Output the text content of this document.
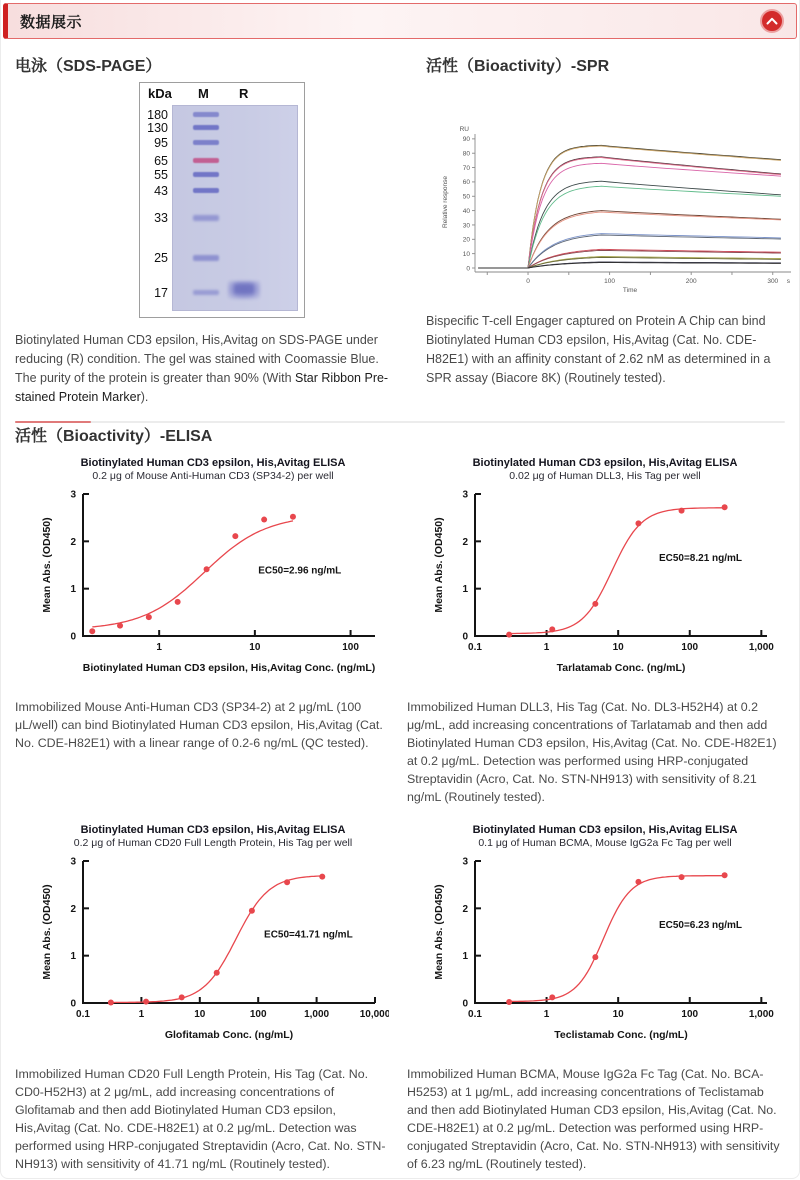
数据展示
电泳（SDS-PAGE）
kDa M R
180
130
95
65
55
43
33
25
17

Biotinylated Human CD3 epsilon, His,Avitag on SDS-PAGE under reducing (R) condition. The gel was stained with Coomassie Blue. The purity of the protein is greater than 90% (With Star Ribbon Pre-stained Protein Marker).

活性（Bioactivity）-SPR
0
10
20
30
40
50
60
70
80
90
0	100	200	300
RU
Relative response
Time
s

Bispecific T-cell Engager captured on Protein A Chip can bind Biotinylated Human CD3 epsilon, His,Avitag (Cat. No. CDE-H82E1) with an affinity constant of 2.62 nM as determined in a SPR assay (Biacore 8K) (Routinely tested).

活性（Bioactivity）-ELISA
Biotinylated Human CD3 epsilon, His,Avitag ELISA
0.2 μg of Mouse Anti-Human CD3 (SP34-2) per well
0
1
2
3
1	10	100
Mean Abs. (OD450)
Biotinylated Human CD3 epsilon, His,Avitag Conc. (ng/mL)
EC50=2.96 ng/mL

Immobilized Mouse Anti-Human CD3 (SP34-2) at 2 μg/mL (100 μL/well) can bind Biotinylated Human CD3 epsilon, His,Avitag (Cat. No. CDE-H82E1) with a linear range of 0.2-6 ng/mL (QC tested).

Biotinylated Human CD3 epsilon, His,Avitag ELISA
0.02 μg of Human DLL3, His Tag per well
0
1
2
3
0.1	1	10	100	1,000
Mean Abs. (OD450)
Tarlatamab Conc. (ng/mL)
EC50=8.21 ng/mL

Immobilized Human DLL3, His Tag (Cat. No. DL3-H52H4) at 0.2 μg/mL, add increasing concentrations of Tarlatamab and then add Biotinylated Human CD3 epsilon, His,Avitag (Cat. No. CDE-H82E1) at 0.2 μg/mL. Detection was performed using HRP-conjugated Streptavidin (Acro, Cat. No. STN-NH913) with sensitivity of 8.21 ng/mL (Routinely tested).

Biotinylated Human CD3 epsilon, His,Avitag ELISA
0.2 μg of Human CD20 Full Length Protein, His Tag per well
0
1
2
3
0.1	1	10	100	1,000	10,000
Mean Abs. (OD450)
Glofitamab Conc. (ng/mL)
EC50=41.71 ng/mL

Immobilized Human CD20 Full Length Protein, His Tag (Cat. No. CD0-H52H3) at 2 μg/mL, add increasing concentrations of Glofitamab and then add Biotinylated Human CD3 epsilon, His,Avitag (Cat. No. CDE-H82E1) at 0.2 μg/mL. Detection was performed using HRP-conjugated Streptavidin (Acro, Cat. No. STN-NH913) with sensitivity of 41.71 ng/mL (Routinely tested).

Biotinylated Human CD3 epsilon, His,Avitag ELISA
0.1 μg of Human BCMA, Mouse IgG2a Fc Tag per well
0
1
2
3
0.1	1	10	100	1,000
Mean Abs. (OD450)
Teclistamab Conc. (ng/mL)
EC50=6.23 ng/mL

Immobilized Human BCMA, Mouse IgG2a Fc Tag (Cat. No. BCA-H5253) at 1 μg/mL, add increasing concentrations of Teclistamab and then add Biotinylated Human CD3 epsilon, His,Avitag (Cat. No. CDE-H82E1) at 0.2 μg/mL. Detection was performed using HRP-conjugated Streptavidin (Acro, Cat. No. STN-NH913) with sensitivity of 6.23 ng/mL (Routinely tested).
